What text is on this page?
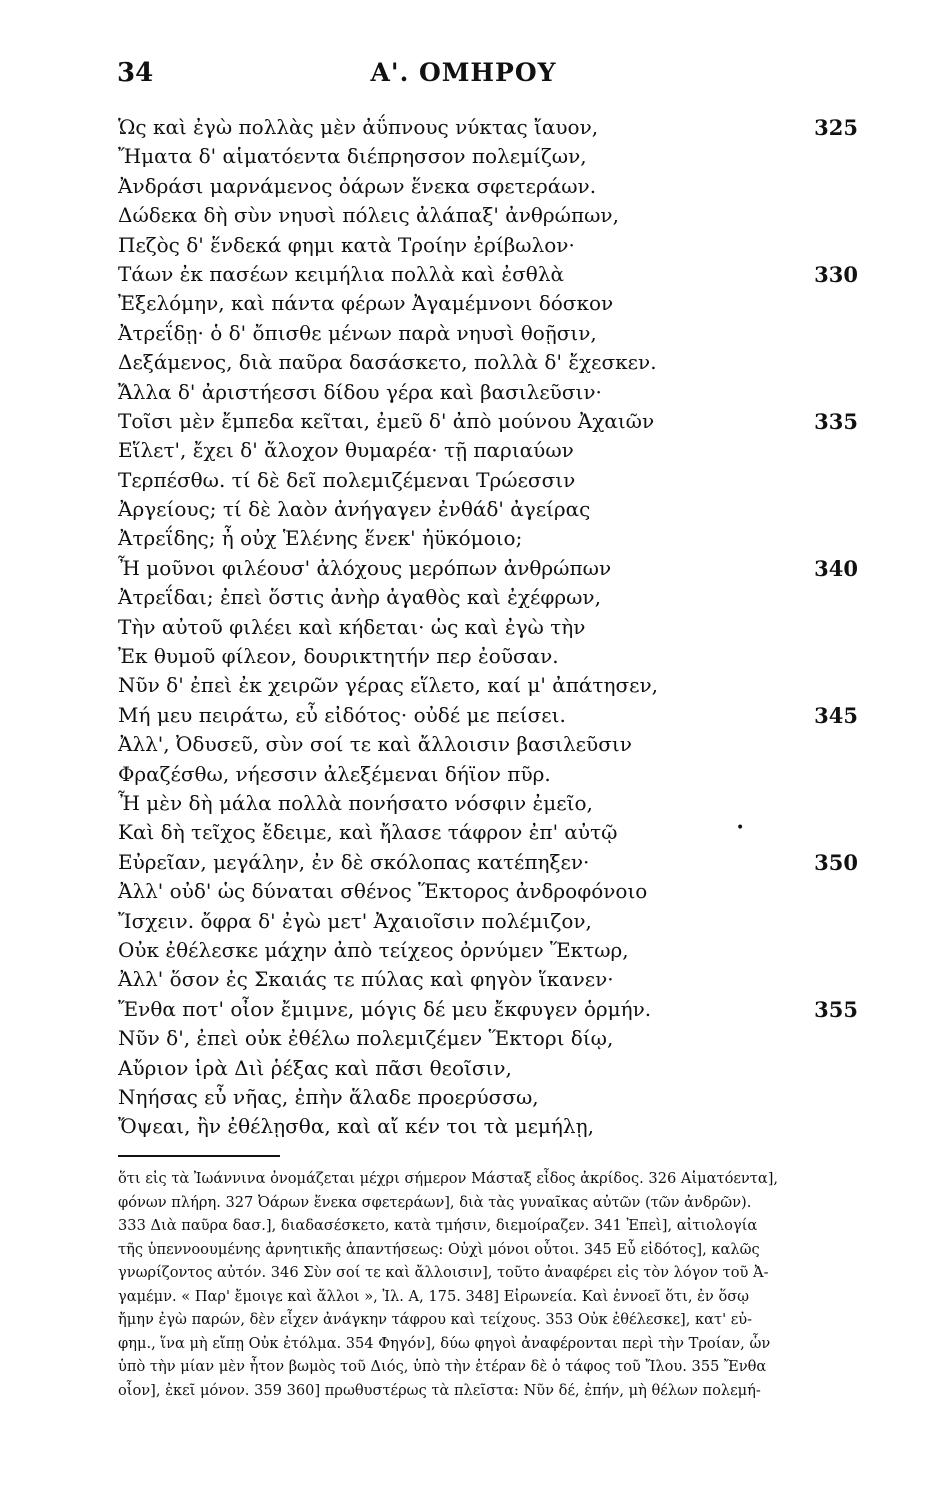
34	Α'. ΟΜΗΡΟΥ
Ὡς καὶ ἐγὼ πολλὰς μὲν ἀΰπνους νύκτας ἴαυον,	325
Ἤματα δ' αἱματόεντα διέπρησσον πολεμίζων,
Ἀνδράσι μαρνάμενος ὀάρων ἕνεκα σφετεράων.
Δώδεκα δὴ σὺν νηυσὶ πόλεις ἀλάπαξ' ἀνθρώπων,
Πεζὸς δ' ἕνδεκά φημι κατὰ Τροίην ἐρίβωλον·
Τάων ἐκ πασέων κειμήλια πολλὰ καὶ ἐσθλὰ	330
Ἐξελόμην, καὶ πάντα φέρων Ἀγαμέμνονι δόσκον
Ἀτρεΐδῃ· ὁ δ' ὄπισθε μένων παρὰ νηυσὶ θοῇσιν,
Δεξάμενος, διὰ παῦρα δασάσκετο, πολλὰ δ' ἔχεσκεν.
Ἄλλα δ' ἀριστήεσσι δίδου γέρα καὶ βασιλεῦσιν·
Τοῖσι μὲν ἔμπεδα κεῖται, ἐμεῦ δ' ἀπὸ μούνου Ἀχαιῶν	335
Εἵλετ', ἔχει δ' ἄλοχον θυμαρέα· τῇ παριαύων
Τερπέσθω. τί δὲ δεῖ πολεμιζέμεναι Τρώεσσιν
Ἀργείους; τί δὲ λαὸν ἀνήγαγεν ἐνθάδ' ἀγείρας
Ἀτρεΐδης; ἦ οὐχ Ἑλένης ἕνεκ' ἠϋκόμοιο;
Ἦ μοῦνοι φιλέουσ' ἀλόχους μερόπων ἀνθρώπων	340
Ἀτρεΐδαι; ἐπεὶ ὅστις ἀνὴρ ἀγαθὸς καὶ ἐχέφρων,
Τὴν αὐτοῦ φιλέει καὶ κήδεται· ὡς καὶ ἐγὼ τὴν
Ἐκ θυμοῦ φίλεον, δουρικτητήν περ ἐοῦσαν.
Νῦν δ' ἐπεὶ ἐκ χειρῶν γέρας εἵλετο, καί μ' ἀπάτησεν,
Μή μευ πειράτω, εὖ εἰδότος· οὐδέ με πείσει.	345
Ἀλλ', Ὀδυσεῦ, σὺν σοί τε καὶ ἄλλοισιν βασιλεῦσιν
Φραζέσθω, νήεσσιν ἀλεξέμεναι δήϊον πῦρ.
Ἦ μὲν δὴ μάλα πολλὰ πονήσατο νόσφιν ἐμεῖο,
Καὶ δὴ τεῖχος ἔδειμε, καὶ ἤλασε τάφρον ἐπ' αὐτῷ
Εὐρεῖαν, μεγάλην, ἐν δὲ σκόλοπας κατέπηξεν·	350
Ἀλλ' οὐδ' ὡς δύναται σθένος Ἕκτορος ἀνδροφόνοιο
Ἴσχειν. ὄφρα δ' ἐγὼ μετ' Ἀχαιοῖσιν πολέμιζον,
Οὐκ ἐθέλεσκε μάχην ἀπὸ τείχεος ὀρνύμεν Ἕκτωρ,
Ἀλλ' ὅσον ἐς Σκαιάς τε πύλας καὶ φηγὸν ἵκανεν·
Ἔνθα ποτ' οἶον ἔμιμνε, μόγις δέ μευ ἔκφυγεν ὁρμήν.	355
Νῦν δ', ἐπεὶ οὐκ ἐθέλω πολεμιζέμεν Ἕκτορι δίῳ,
Αὔριον ἱρὰ Διὶ ῥέξας καὶ πᾶσι θεοῖσιν,
Νηήσας εὖ νῆας, ἐπὴν ἅλαδε προερύσσω,
Ὄψεαι, ἢν ἐθέλῃσθα, καὶ αἴ κέν τοι τὰ μεμήλῃ,
•
ὅτι εἰς τὰ Ἰωάννινα ὀνομάζεται μέχρι σήμερον Μάσταξ εἶδος ἀκρίδος. 326 Αἱματόεντα],
φόνων πλήρη. 327 Ὀάρων ἕνεκα σφετεράων], διὰ τὰς γυναῖκας αὐτῶν (τῶν ἀνδρῶν).
333 Διὰ παῦρα δασ.], διαδασέσκετο, κατὰ τμήσιν, διεμοίραζεν. 341 Ἐπεὶ], αἰτιολογία
τῆς ὑπεννοουμένης ἀρνητικῆς ἀπαντήσεως: Οὐχὶ μόνοι οὗτοι. 345 Εὖ εἰδότος], καλῶς
γνωρίζοντος αὐτόν. 346 Σὺν σοί τε καὶ ἄλλοισιν], τοῦτο ἀναφέρει εἰς τὸν λόγον τοῦ Ἀ-
γαμέμν. « Παρ' ἔμοιγε καὶ ἄλλοι », Ἰλ. Α, 175. 348] Εἰρωνεία. Καὶ ἐννοεῖ ὅτι, ἐν ὅσῳ
ἤμην ἐγὼ παρών, δὲν εἶχεν ἀνάγκην τάφρου καὶ τείχους. 353 Οὐκ ἐθέλεσκε], κατ' εὐ-
φημ., ἵνα μὴ εἴπῃ Οὐκ ἐτόλμα. 354 Φηγόν], δύω φηγοὶ ἀναφέρονται περὶ τὴν Τροίαν, ὧν
ὑπὸ τὴν μίαν μὲν ἦτον βωμὸς τοῦ Διός, ὑπὸ τὴν ἑτέραν δὲ ὁ τάφος τοῦ Ἴλου. 355 Ἔνθα
οἶον], ἐκεῖ μόνον. 359 360] πρωθυστέρως τὰ πλεῖστα: Νῦν δέ, ἐπήν, μὴ θέλων πολεμή-
